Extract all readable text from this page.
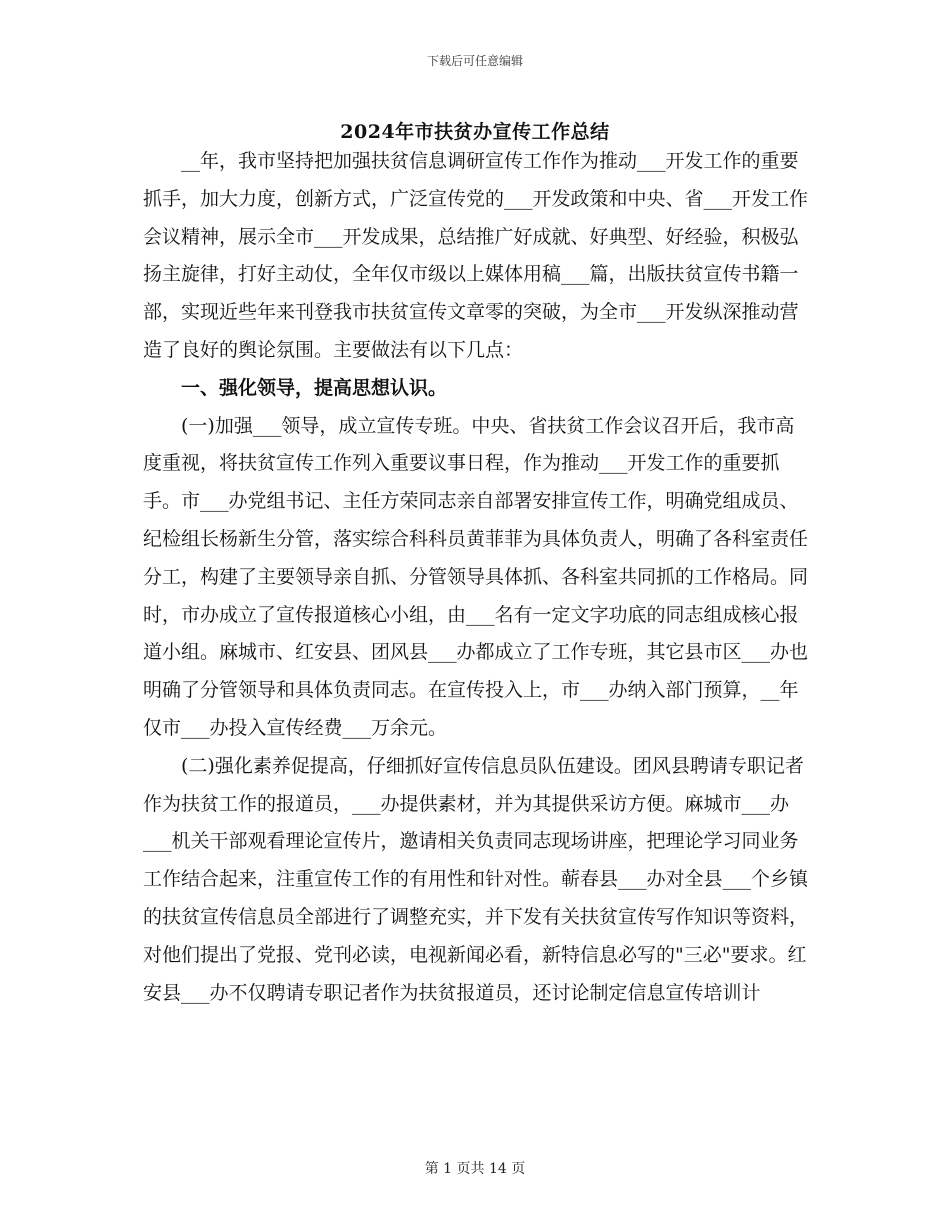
下载后可任意编辑
2024年市扶贫办宣传工作总结

__年，我市坚持把加强扶贫信息调研宣传工作作为推动___开发工作的重要抓手，加大力度，创新方式，广泛宣传党的___开发政策和中央、省___开发工作会议精神，展示全市___开发成果，总结推广好成就、好典型、好经验，积极弘扬主旋律，打好主动仗，全年仅市级以上媒体用稿___篇，出版扶贫宣传书籍一部，实现近些年来刊登我市扶贫宣传文章零的突破，为全市___开发纵深推动营造了良好的舆论氛围。主要做法有以下几点：

一、强化领导，提高思想认识。

(一)加强___领导，成立宣传专班。中央、省扶贫工作会议召开后，我市高度重视，将扶贫宣传工作列入重要议事日程，作为推动___开发工作的重要抓手。市___办党组书记、主任方荣同志亲自部署安排宣传工作，明确党组成员、纪检组长杨新生分管，落实综合科科员黄菲菲为具体负责人，明确了各科室责任分工，构建了主要领导亲自抓、分管领导具体抓、各科室共同抓的工作格局。同时，市办成立了宣传报道核心小组，由___名有一定文字功底的同志组成核心报道小组。麻城市、红安县、团风县___办都成立了工作专班，其它县市区___办也明确了分管领导和具体负责同志。在宣传投入上，市___办纳入部门预算，__年仅市___办投入宣传经费___万余元。

(二)强化素养促提高，仔细抓好宣传信息员队伍建设。团风县聘请专职记者作为扶贫工作的报道员，___办提供素材，并为其提供采访方便。麻城市___办___机关干部观看理论宣传片，邀请相关负责同志现场讲座，把理论学习同业务工作结合起来，注重宣传工作的有用性和针对性。蕲春县___办对全县___个乡镇的扶贫宣传信息员全部进行了调整充实，并下发有关扶贫宣传写作知识等资料，对他们提出了党报、党刊必读，电视新闻必看，新特信息必写的"三必"要求。红安县___办不仅聘请专职记者作为扶贫报道员，还讨论制定信息宣传培训计

第 1 页共 14 页
